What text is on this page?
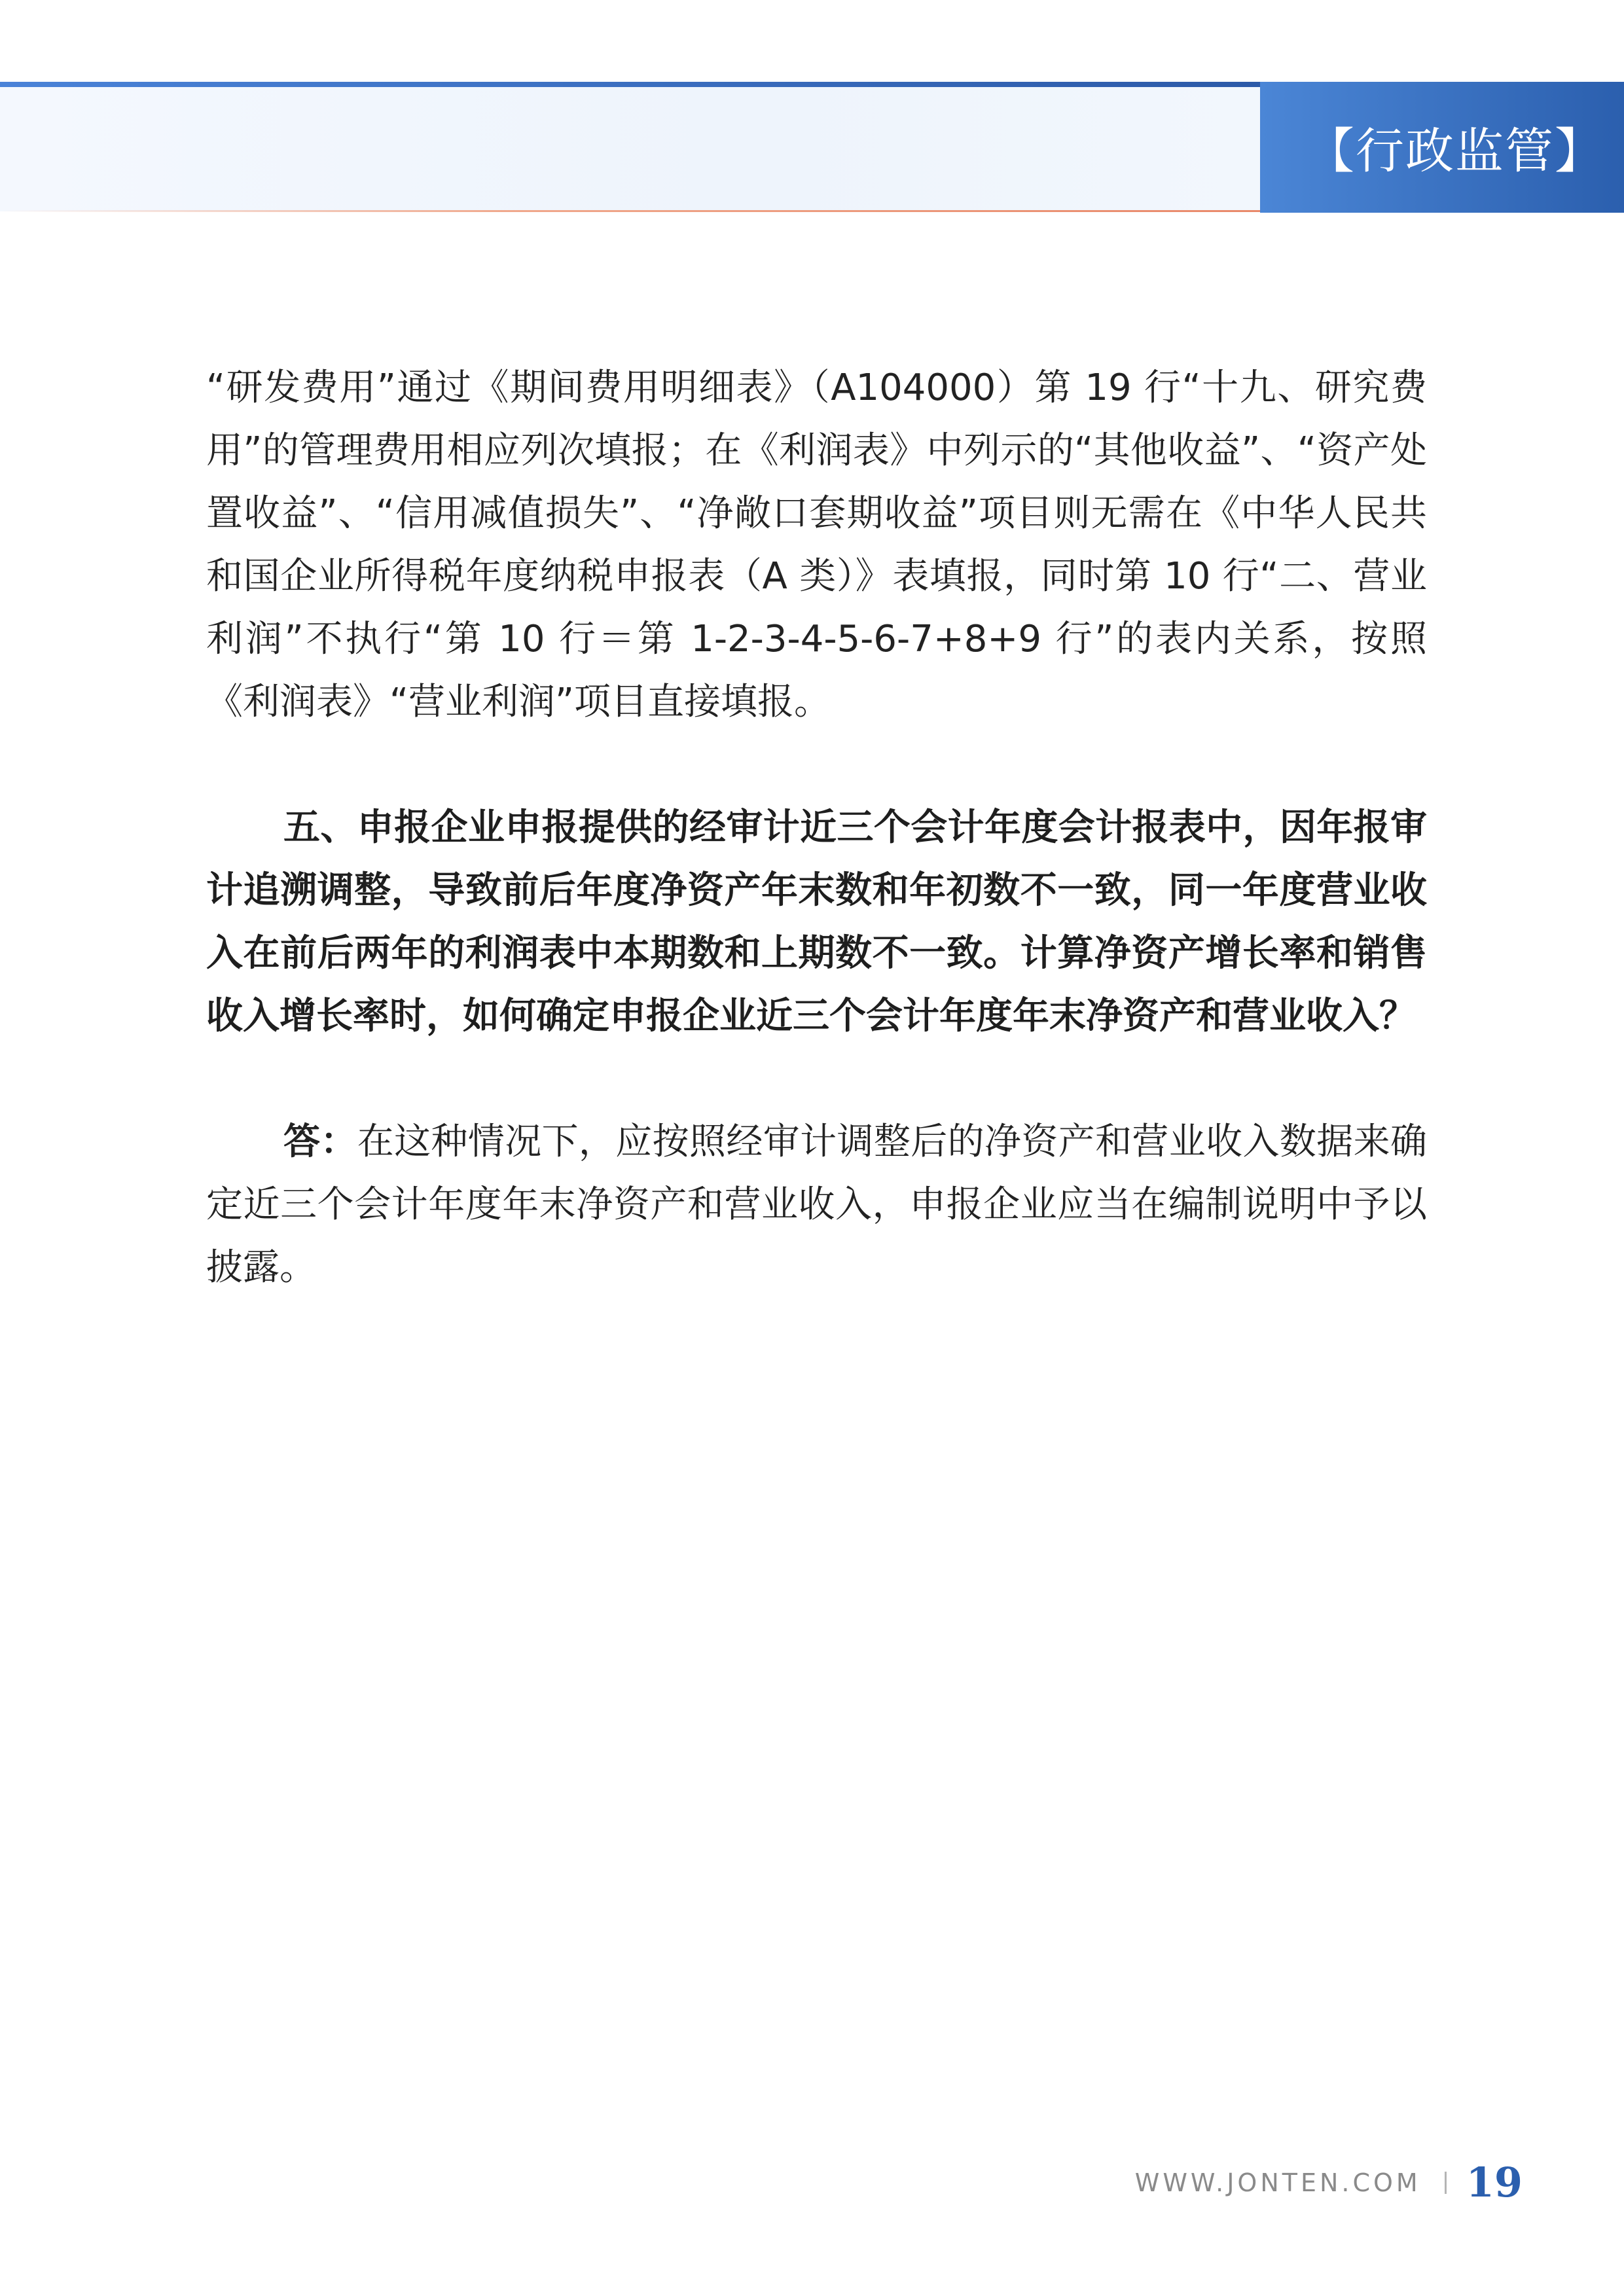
【行政监管】

“研发费用”通过《期间费用明细表》（A104000）第 19 行“十九、研究费用”的管理费用相应列次填报；在《利润表》中列示的“其他收益”、“资产处置收益”、“信用减值损失”、“净敞口套期收益”项目则无需在《中华人民共和国企业所得税年度纳税申报表（A 类）》表填报，同时第 10 行“二、营业利润”不执行“第 10 行＝第 1-2-3-4-5-6-7+8+9 行”的表内关系，按照《利润表》“营业利润”项目直接填报。

五、申报企业申报提供的经审计近三个会计年度会计报表中，因年报审计追溯调整，导致前后年度净资产年末数和年初数不一致，同一年度营业收入在前后两年的利润表中本期数和上期数不一致。计算净资产增长率和销售收入增长率时，如何确定申报企业近三个会计年度年末净资产和营业收入？

答：在这种情况下，应按照经审计调整后的净资产和营业收入数据来确定近三个会计年度年末净资产和营业收入，申报企业应当在编制说明中予以披露。

WWW.JONTEN.COM 19
